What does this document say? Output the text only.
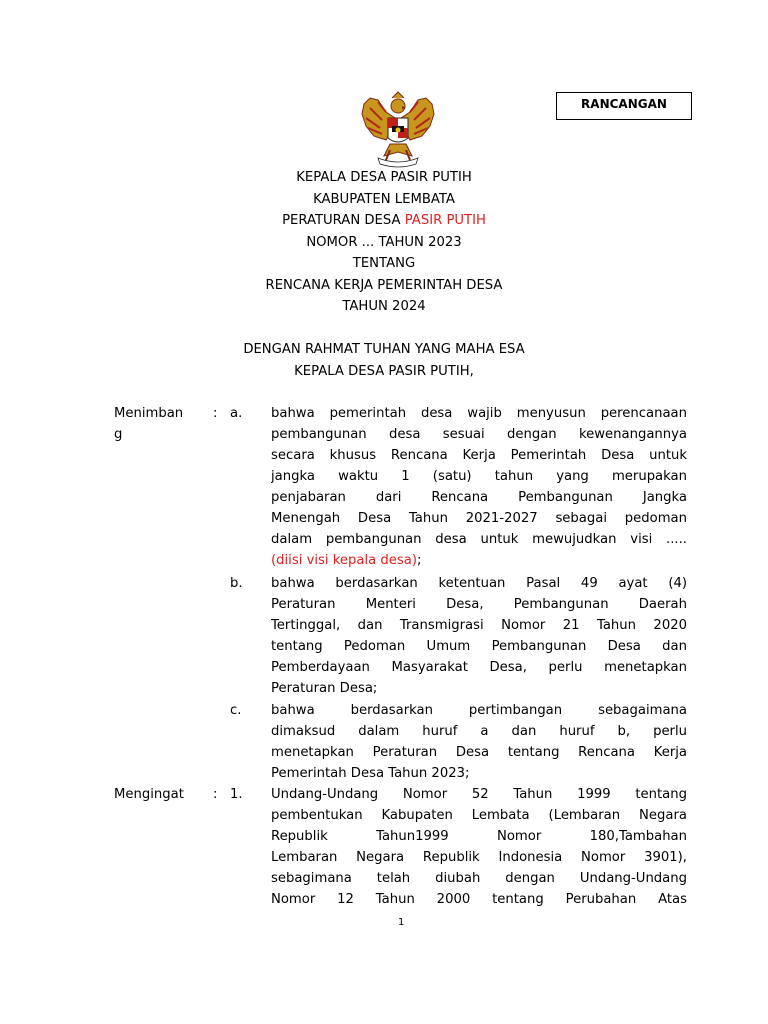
RANCANGAN
KEPALA DESA PASIR PUTIH
KABUPATEN LEMBATA
PERATURAN DESA PASIR PUTIH
NOMOR ... TAHUN 2023
TENTANG
RENCANA KERJA PEMERINTAH DESA
TAHUN 2024
DENGAN RAHMAT TUHAN YANG MAHA ESA
KEPALA DESA PASIR PUTIH,
Menimban
g
: a. bahwa pemerintah desa wajib menyusun perencanaan
pembangunan desa sesuai dengan kewenangannya
secara khusus Rencana Kerja Pemerintah Desa untuk
jangka waktu 1 (satu) tahun yang merupakan
penjabaran dari Rencana Pembangunan Jangka
Menengah Desa Tahun 2021-2027 sebagai pedoman
dalam pembangunan desa untuk mewujudkan visi .....
(diisi visi kepala desa);
b. bahwa berdasarkan ketentuan Pasal 49 ayat (4)
Peraturan Menteri Desa, Pembangunan Daerah
Tertinggal, dan Transmigrasi Nomor 21 Tahun 2020
tentang Pedoman Umum Pembangunan Desa dan
Pemberdayaan Masyarakat Desa, perlu menetapkan
Peraturan Desa;
c. bahwa berdasarkan pertimbangan sebagaimana
dimaksud dalam huruf a dan huruf b, perlu
menetapkan Peraturan Desa tentang Rencana Kerja
Pemerintah Desa Tahun 2023;
Mengingat : 1. Undang-Undang Nomor 52 Tahun 1999 tentang
pembentukan Kabupaten Lembata (Lembaran Negara
Republik Tahun1999 Nomor 180,Tambahan
Lembaran Negara Republik Indonesia Nomor 3901),
sebagimana telah diubah dengan Undang-Undang
Nomor 12 Tahun 2000 tentang Perubahan Atas
1
